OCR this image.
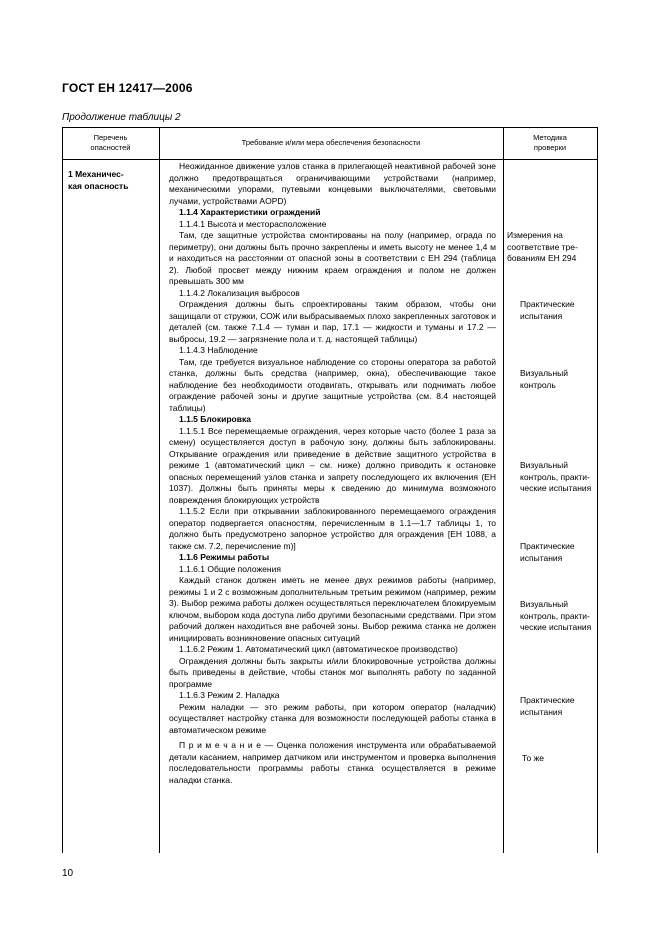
ГОСТ ЕН 12417—2006
Продолжение таблицы 2
Перечень
опасностей
Требование и/или мера обеспечения безопасности
Методика
проверки
1 Механичес-
кая опасность

Неожиданное движение узлов станка в прилегающей неактивной рабочей зоне должно предотвращаться ограничивающими устройствами (например, механическими упорами, путевыми концевыми выключателями, световыми лучами, устройствами AOPD)

1.1.4 Характеристики ограждений

1.1.4.1 Высота и месторасположение

Там, где защитные устройства смонтированы на полу (например, ограда по периметру), они должны быть прочно закреплены и иметь высоту не менее 1,4 м и находиться на расстоянии от опасной зоны в соответствии с ЕН 294 (таблица 2). Любой просвет между нижним краем ограждения и полом не должен превышать 300 мм

1.1.4.2 Локализация выбросов

Ограждения должны быть спроектированы таким образом, чтобы они защищали от стружки, СОЖ или выбрасываемых плохо закрепленных заготовок и деталей (см. также 7.1.4 — туман и пар, 17.1 — жидкости и туманы и 17.2 — выбросы, 19.2 — загрязнение пола и т. д. настоящей таблицы)

1.1.4.3 Наблюдение

Там, где требуется визуальное наблюдение со стороны оператора за работой станка, должны быть средства (например, окна), обеспечивающие такое наблюдение без необходимости отодвигать, открывать или поднимать любое ограждение рабочей зоны и другие защитные устройства (см. 8.4 настоящей таблицы)

1.1.5 Блокировка

1.1.5.1 Все перемещаемые ограждения, через которые часто (более 1 раза за смену) осуществляется доступ в рабочую зону, должны быть заблокированы. Открывание ограждения или приведение в действие защитного устройства в режиме 1 (автоматический цикл – см. ниже) должно приводить к остановке опасных перемещений узлов станка и запрету последующего их включения (ЕН 1037). Должны быть приняты меры к сведению до минимума возможного повреждения блокирующих устройств

1.1.5.2 Если при открывании заблокированного перемещаемого ограждения оператор подвергается опасностям, перечисленным в 1.1—1.7 таблицы 1, то должно быть предусмотрено запорное устройство для ограждения [ЕН 1088, а также см. 7.2, перечисление m)]

1.1.6 Режимы работы

1.1.6.1 Общие положения

Каждый станок должен иметь не менее двух режимов работы (например, режимы 1 и 2 с возможным дополнительным третьим режимом (например, режим 3). Выбор режима работы должен осуществляться переключателем блокируемым ключом, выбором кода доступа либо другими безопасными средствами. При этом рабочий должен находиться вне рабочей зоны. Выбор режима станка не должен инициировать возникновение опасных ситуаций

1.1.6.2 Режим 1. Автоматический цикл (автоматическое производство)

Ограждения должны быть закрыты и/или блокировочные устройства должны быть приведены в действие, чтобы станок мог выполнять работу по заданной программе

1.1.6.3 Режим 2. Наладка

Режим наладки — это режим работы, при котором оператор (наладчик) осуществляет настройку станка для возможности последующей работы станка в автоматическом режиме

П р и м е ч а н и е — Оценка положения инструмента или обрабатываемой детали касанием, например датчиком или инструментом и проверка выполнения последовательности программы работы станка осуществляется в режиме наладки станка.

Измерения на
соответствие тре-
бованиям ЕН 294
Практические
испытания
Визуальный
контроль
Визуальный
контроль, практи-
ческие испытания
Практические
испытания
Визуальный
контроль, практи-
ческие испытания
Практические
испытания
То же
10
